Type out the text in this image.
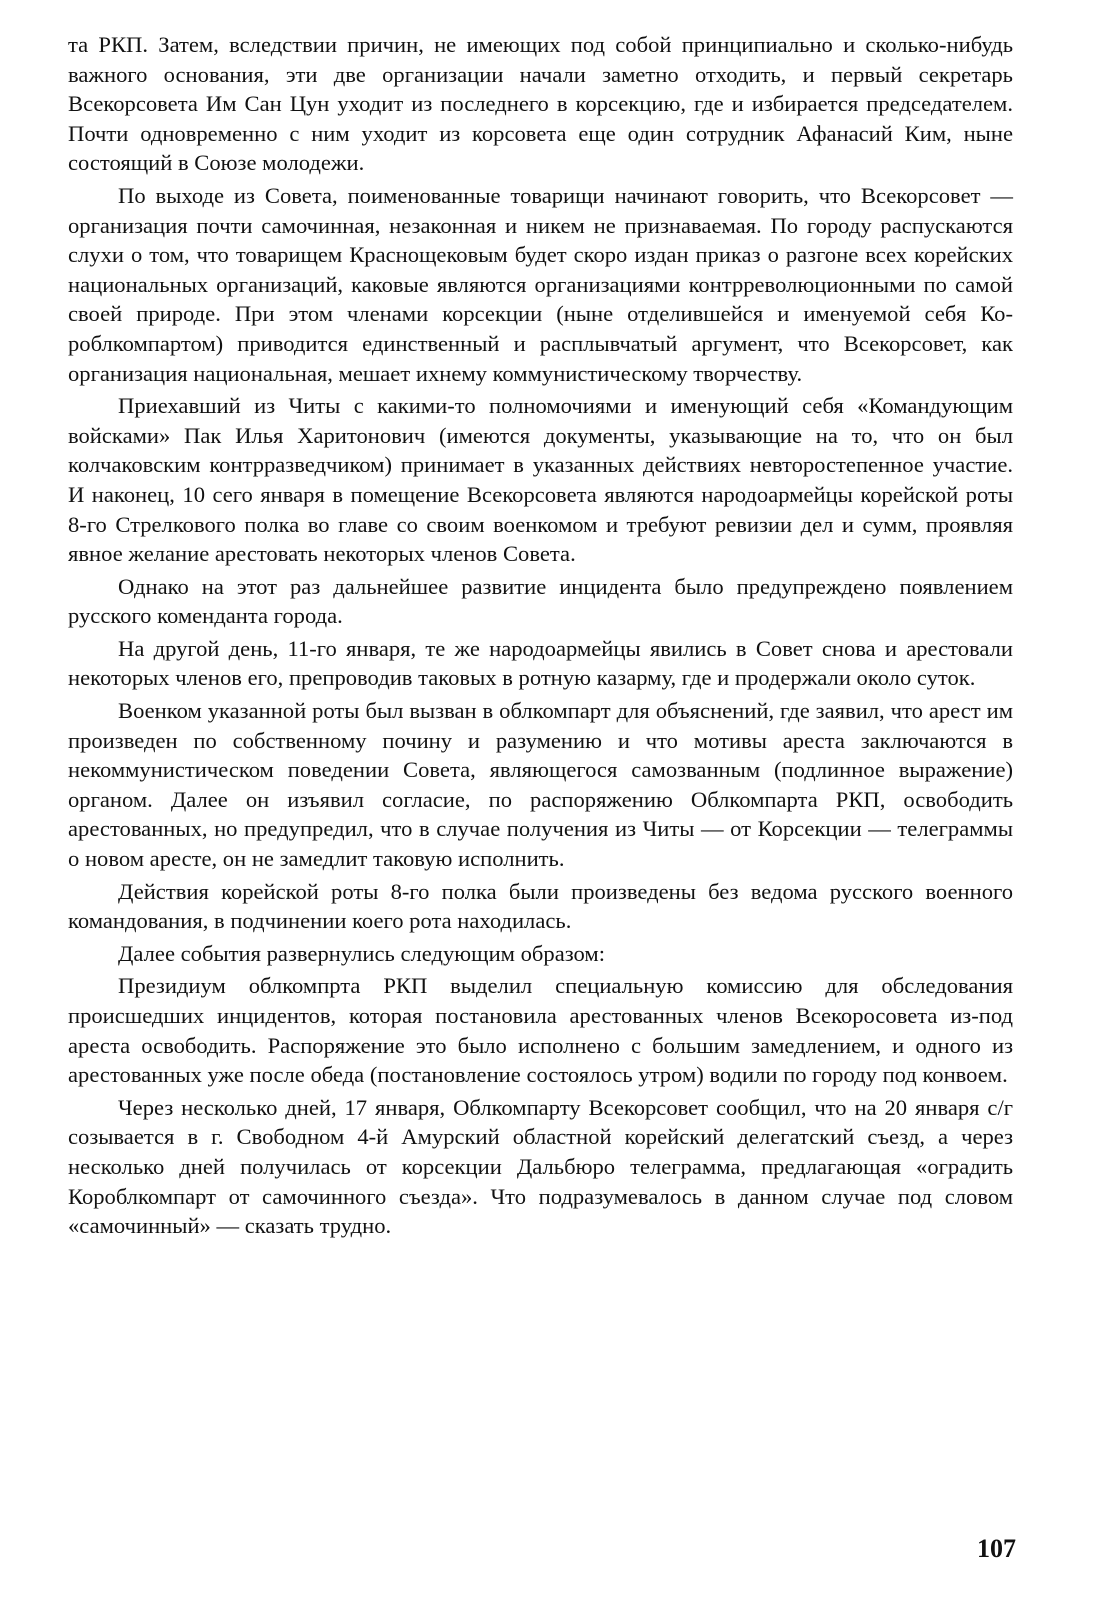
та РКП. Затем, вследствии причин, не имеющих под собой принципиально и сколько-нибудь важного основания, эти две организации начали заметно отходить, и первый секретарь Всекорсовета Им Сан Цун уходит из последнего в корсекцию, где и избирается председателем. Почти одновременно с ним уходит из корсовета еще один сотрудник Афанасий Ким, ныне состоящий в Союзе молодежи.

По выходе из Совета, поименованные товарищи начинают говорить, что Всекорсовет — организация почти самочинная, незаконная и никем не признаваемая. По городу распускаются слухи о том, что товарищем Краснощековым будет скоро издан приказ о разгоне всех корейских национальных организаций, каковые являются организациями контрреволюционными по самой своей природе. При этом членами корсекции (ныне отделившейся и именуемой себя Короблкомпартом) приводится единственный и расплывчатый аргумент, что Всекорсовет, как организация национальная, мешает ихнему коммунистическому творчеству.

Приехавший из Читы с какими-то полномочиями и именующий себя «Командующим войсками» Пак Илья Харитонович (имеются документы, указывающие на то, что он был колчаковским контрразведчиком) принимает в указанных действиях невторостепенное участие. И наконец, 10 сего января в помещение Всекорсовета являются народоармейцы корейской роты 8-го Стрелкового полка во главе со своим военкомом и требуют ревизии дел и сумм, проявляя явное желание арестовать некоторых членов Совета.

Однако на этот раз дальнейшее развитие инцидента было предупреждено появлением русского коменданта города.

На другой день, 11-го января, те же народоармейцы явились в Совет снова и арестовали некоторых членов его, препроводив таковых в ротную казарму, где и продержали около суток.

Военком указанной роты был вызван в облкомпарт для объяснений, где заявил, что арест им произведен по собственному почину и разумению и что мотивы ареста заключаются в некоммунистическом поведении Совета, являющегося самозванным (подлинное выражение) органом. Далее он изъявил согласие, по распоряжению Облкомпарта РКП, освободить арестованных, но предупредил, что в случае получения из Читы — от Корсекции — телеграммы о новом аресте, он не замедлит таковую исполнить.

Действия корейской роты 8-го полка были произведены без ведома русского военного командования, в подчинении коего рота находилась.

Далее события развернулись следующим образом:

Президиум облкомпрта РКП выделил специальную комиссию для обследования происшедших инцидентов, которая постановила арестованных членов Всекоросовета из-под ареста освободить. Распоряжение это было исполнено с большим замедлением, и одного из арестованных уже после обеда (постановление состоялось утром) водили по городу под конвоем.

Через несколько дней, 17 января, Облкомпарту Всекорсовет сообщил, что на 20 января с/г созывается в г. Свободном 4-й Амурский областной корейский делегатский съезд, а через несколько дней получилась от корсекции Дальбюро телеграмма, предлагающая «оградить Короблкомпарт от самочинного съезда». Что подразумевалось в данном случае под словом «самочинный» — сказать трудно.

107
